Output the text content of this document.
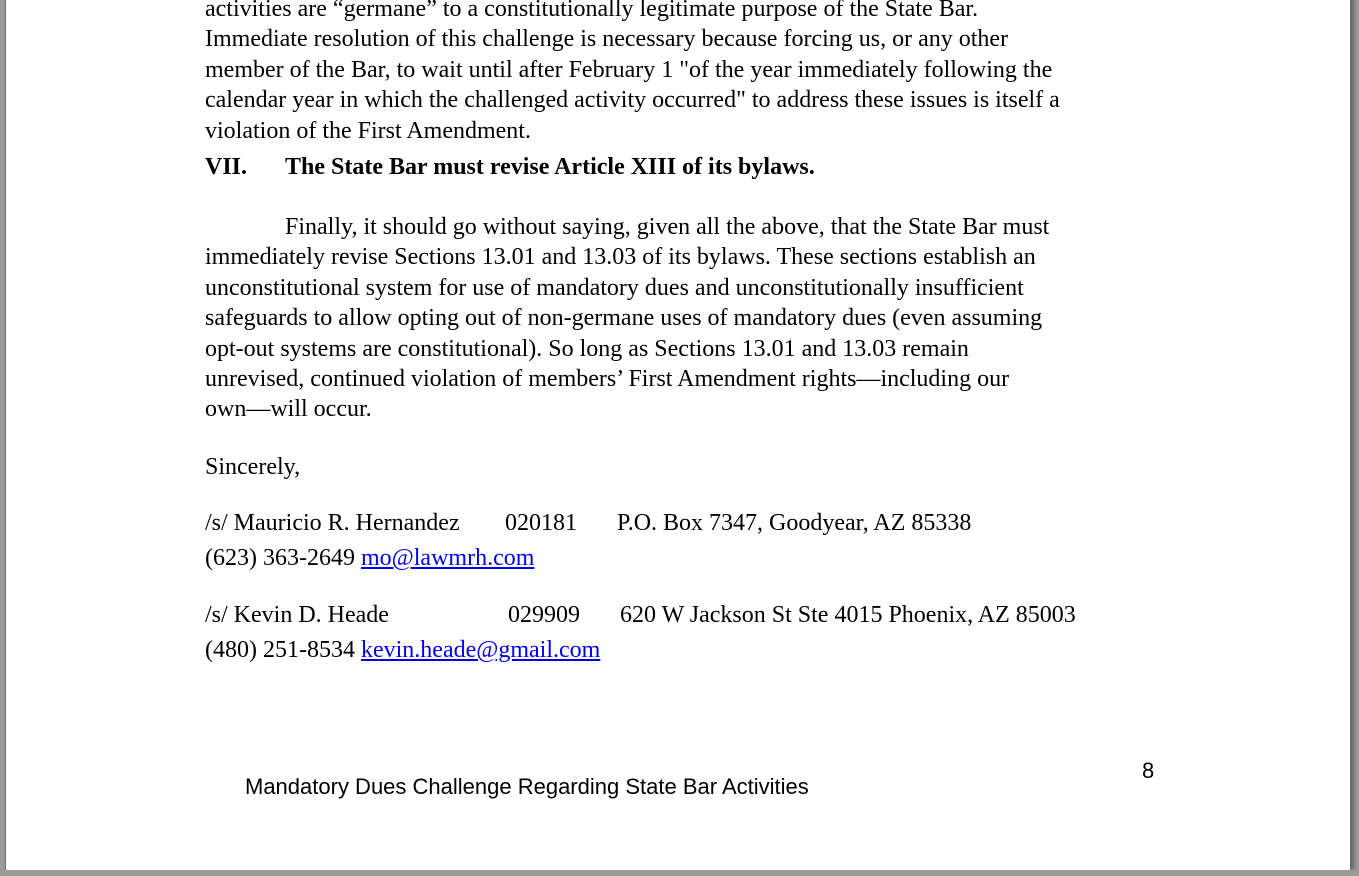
activities are “germane” to a constitutionally legitimate purpose of the State Bar.
Immediate resolution of this challenge is necessary because forcing us, or any other
member of the Bar, to wait until after February 1 "of the year immediately following the
calendar year in which the challenged activity occurred" to address these issues is itself a
violation of the First Amendment.
VII. The State Bar must revise Article XIII of its bylaws.
Finally, it should go without saying, given all the above, that the State Bar must
immediately revise Sections 13.01 and 13.03 of its bylaws. These sections establish an
unconstitutional system for use of mandatory dues and unconstitutionally insufficient
safeguards to allow opting out of non-germane uses of mandatory dues (even assuming
opt-out systems are constitutional). So long as Sections 13.01 and 13.03 remain
unrevised, continued violation of members’ First Amendment rights—including our
own—will occur.
Sincerely,
/s/ Mauricio R. Hernandez 020181 P.O. Box 7347, Goodyear, AZ 85338
(623) 363-2649 mo@lawmrh.com
/s/ Kevin D. Heade	029909 620 W Jackson St Ste 4015 Phoenix, AZ 85003
(480) 251-8534 kevin.heade@gmail.com
Mandatory Dues Challenge Regarding State Bar Activities
8
